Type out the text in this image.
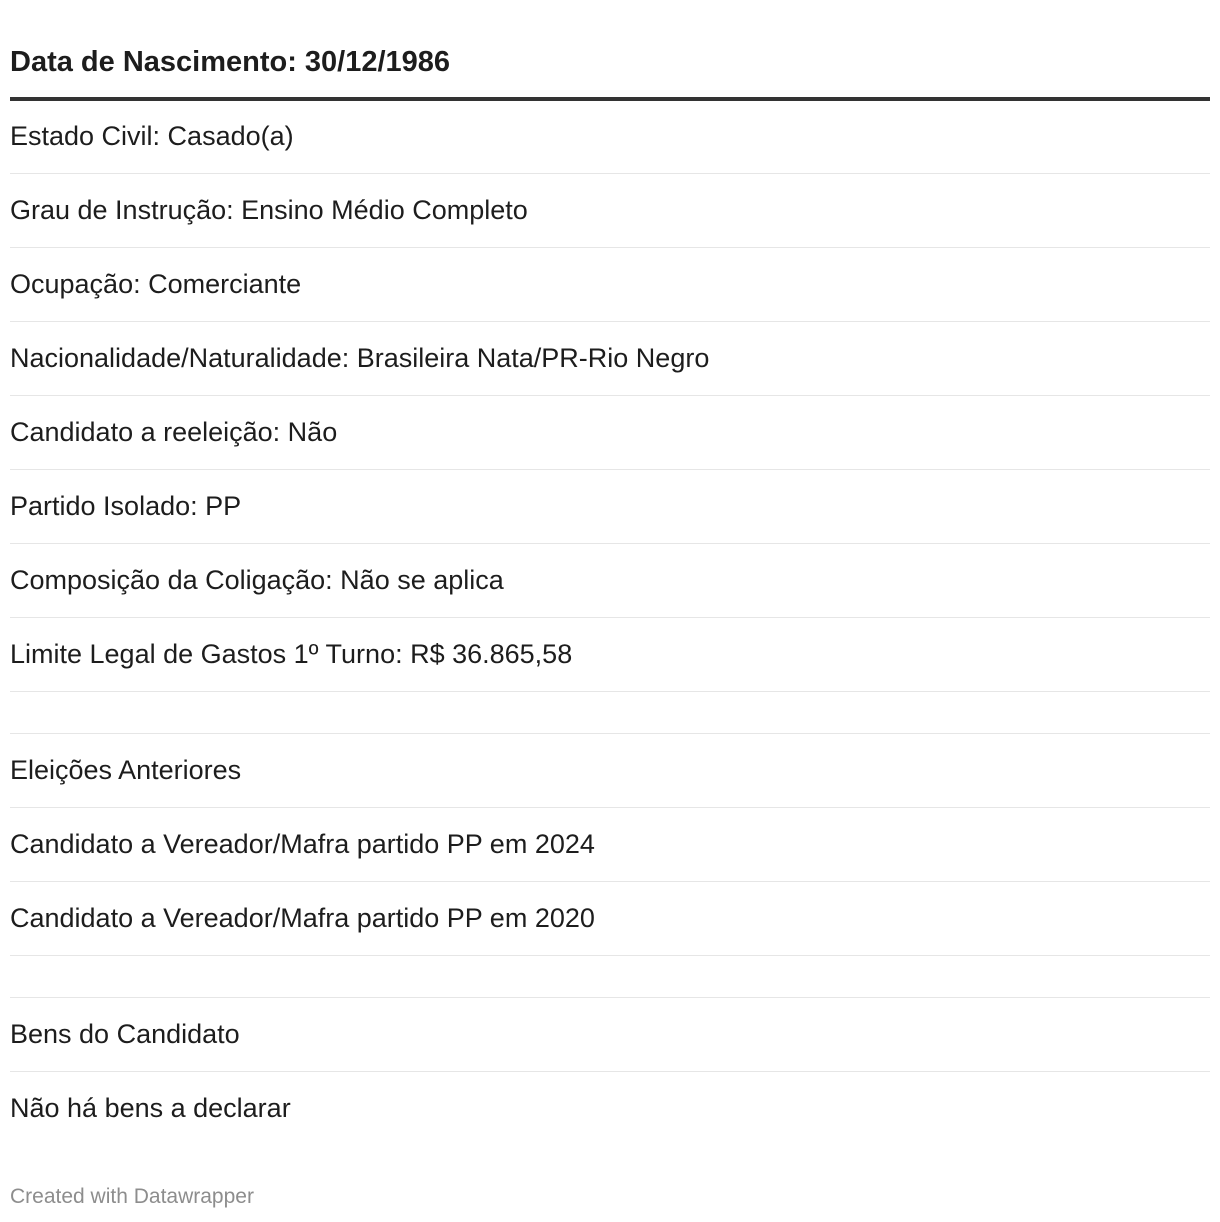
Data de Nascimento: 30/12/1986
Estado Civil: Casado(a)
Grau de Instrução: Ensino Médio Completo
Ocupação: Comerciante
Nacionalidade/Naturalidade: Brasileira Nata/PR-Rio Negro
Candidato a reeleição: Não
Partido Isolado: PP
Composição da Coligação: Não se aplica
Limite Legal de Gastos 1º Turno: R$ 36.865,58

Eleições Anteriores
Candidato a Vereador/Mafra partido PP em 2024
Candidato a Vereador/Mafra partido PP em 2020

Bens do Candidato
Não há bens a declarar
Created with Datawrapper
